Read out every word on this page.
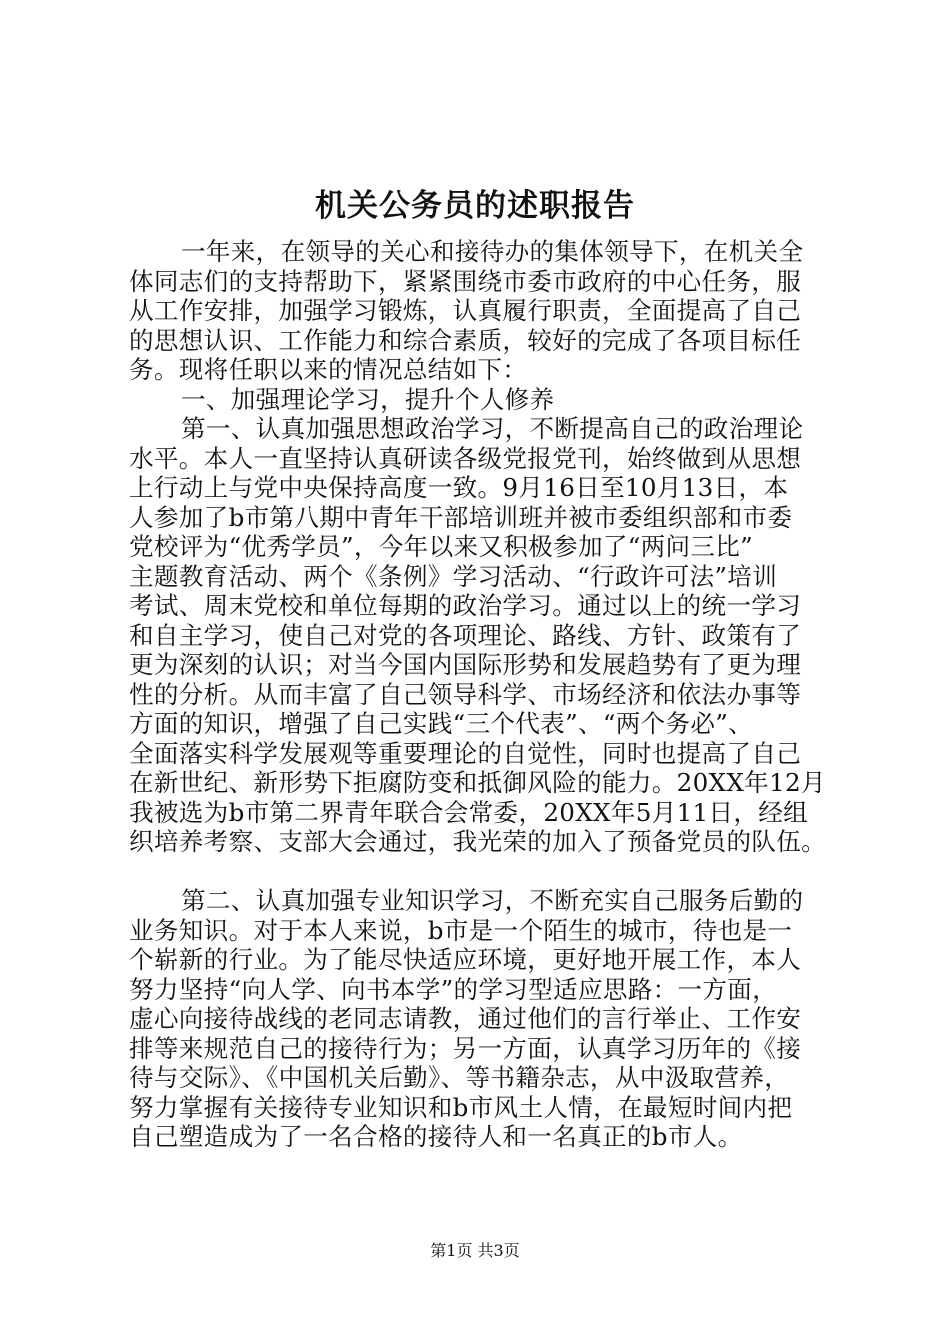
机关公务员的述职报告
一年来，在领导的关心和接待办的集体领导下，在机关全
体同志们的支持帮助下，紧紧围绕市委市政府的中心任务，服
从工作安排，加强学习锻炼，认真履行职责，全面提高了自己
的思想认识、工作能力和综合素质，较好的完成了各项目标任
务。现将任职以来的情况总结如下：
一、加强理论学习，提升个人修养
第一、认真加强思想政治学习，不断提高自己的政治理论
水平。本人一直坚持认真研读各级党报党刊，始终做到从思想
上行动上与党中央保持高度一致。9月16日至10月13日，本
人参加了b市第八期中青年干部培训班并被市委组织部和市委
党校评为“优秀学员”，今年以来又积极参加了“两问三比”
主题教育活动、两个《条例》学习活动、“行政许可法”培训
考试、周末党校和单位每期的政治学习。通过以上的统一学习
和自主学习，使自己对党的各项理论、路线、方针、政策有了
更为深刻的认识；对当今国内国际形势和发展趋势有了更为理
性的分析。从而丰富了自己领导科学、市场经济和依法办事等
方面的知识，增强了自己实践“三个代表”、“两个务必”、
全面落实科学发展观等重要理论的自觉性，同时也提高了自己
在新世纪、新形势下拒腐防变和抵御风险的能力。20XX年12月
我被选为b市第二界青年联合会常委，20XX年5月11日，经组
织培养考察、支部大会通过，我光荣的加入了预备党员的队伍。
第二、认真加强专业知识学习，不断充实自己服务后勤的
业务知识。对于本人来说，b市是一个陌生的城市，待也是一
个崭新的行业。为了能尽快适应环境，更好地开展工作，本人
努力坚持“向人学、向书本学”的学习型适应思路：一方面，
虚心向接待战线的老同志请教，通过他们的言行举止、工作安
排等来规范自己的接待行为；另一方面，认真学习历年的《接
待与交际》、《中国机关后勤》、等书籍杂志，从中汲取营养，
努力掌握有关接待专业知识和b市风土人情，在最短时间内把
自己塑造成为了一名合格的接待人和一名真正的b市人。
第1页 共3页
